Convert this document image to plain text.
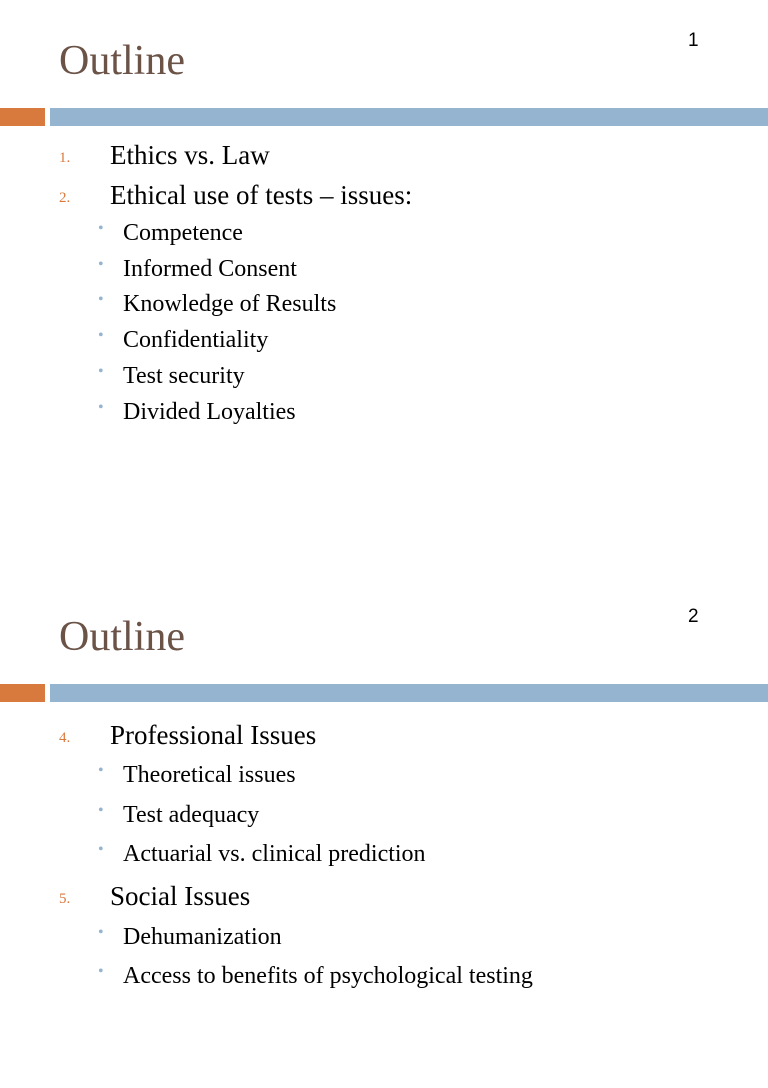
1
Outline
1. Ethics vs. Law
2. Ethical use of tests – issues:
• Competence
• Informed Consent
• Knowledge of Results
• Confidentiality
• Test security
• Divided Loyalties
2
Outline
4. Professional Issues
• Theoretical issues
• Test adequacy
• Actuarial vs. clinical prediction
5. Social Issues
• Dehumanization
• Access to benefits of psychological testing
